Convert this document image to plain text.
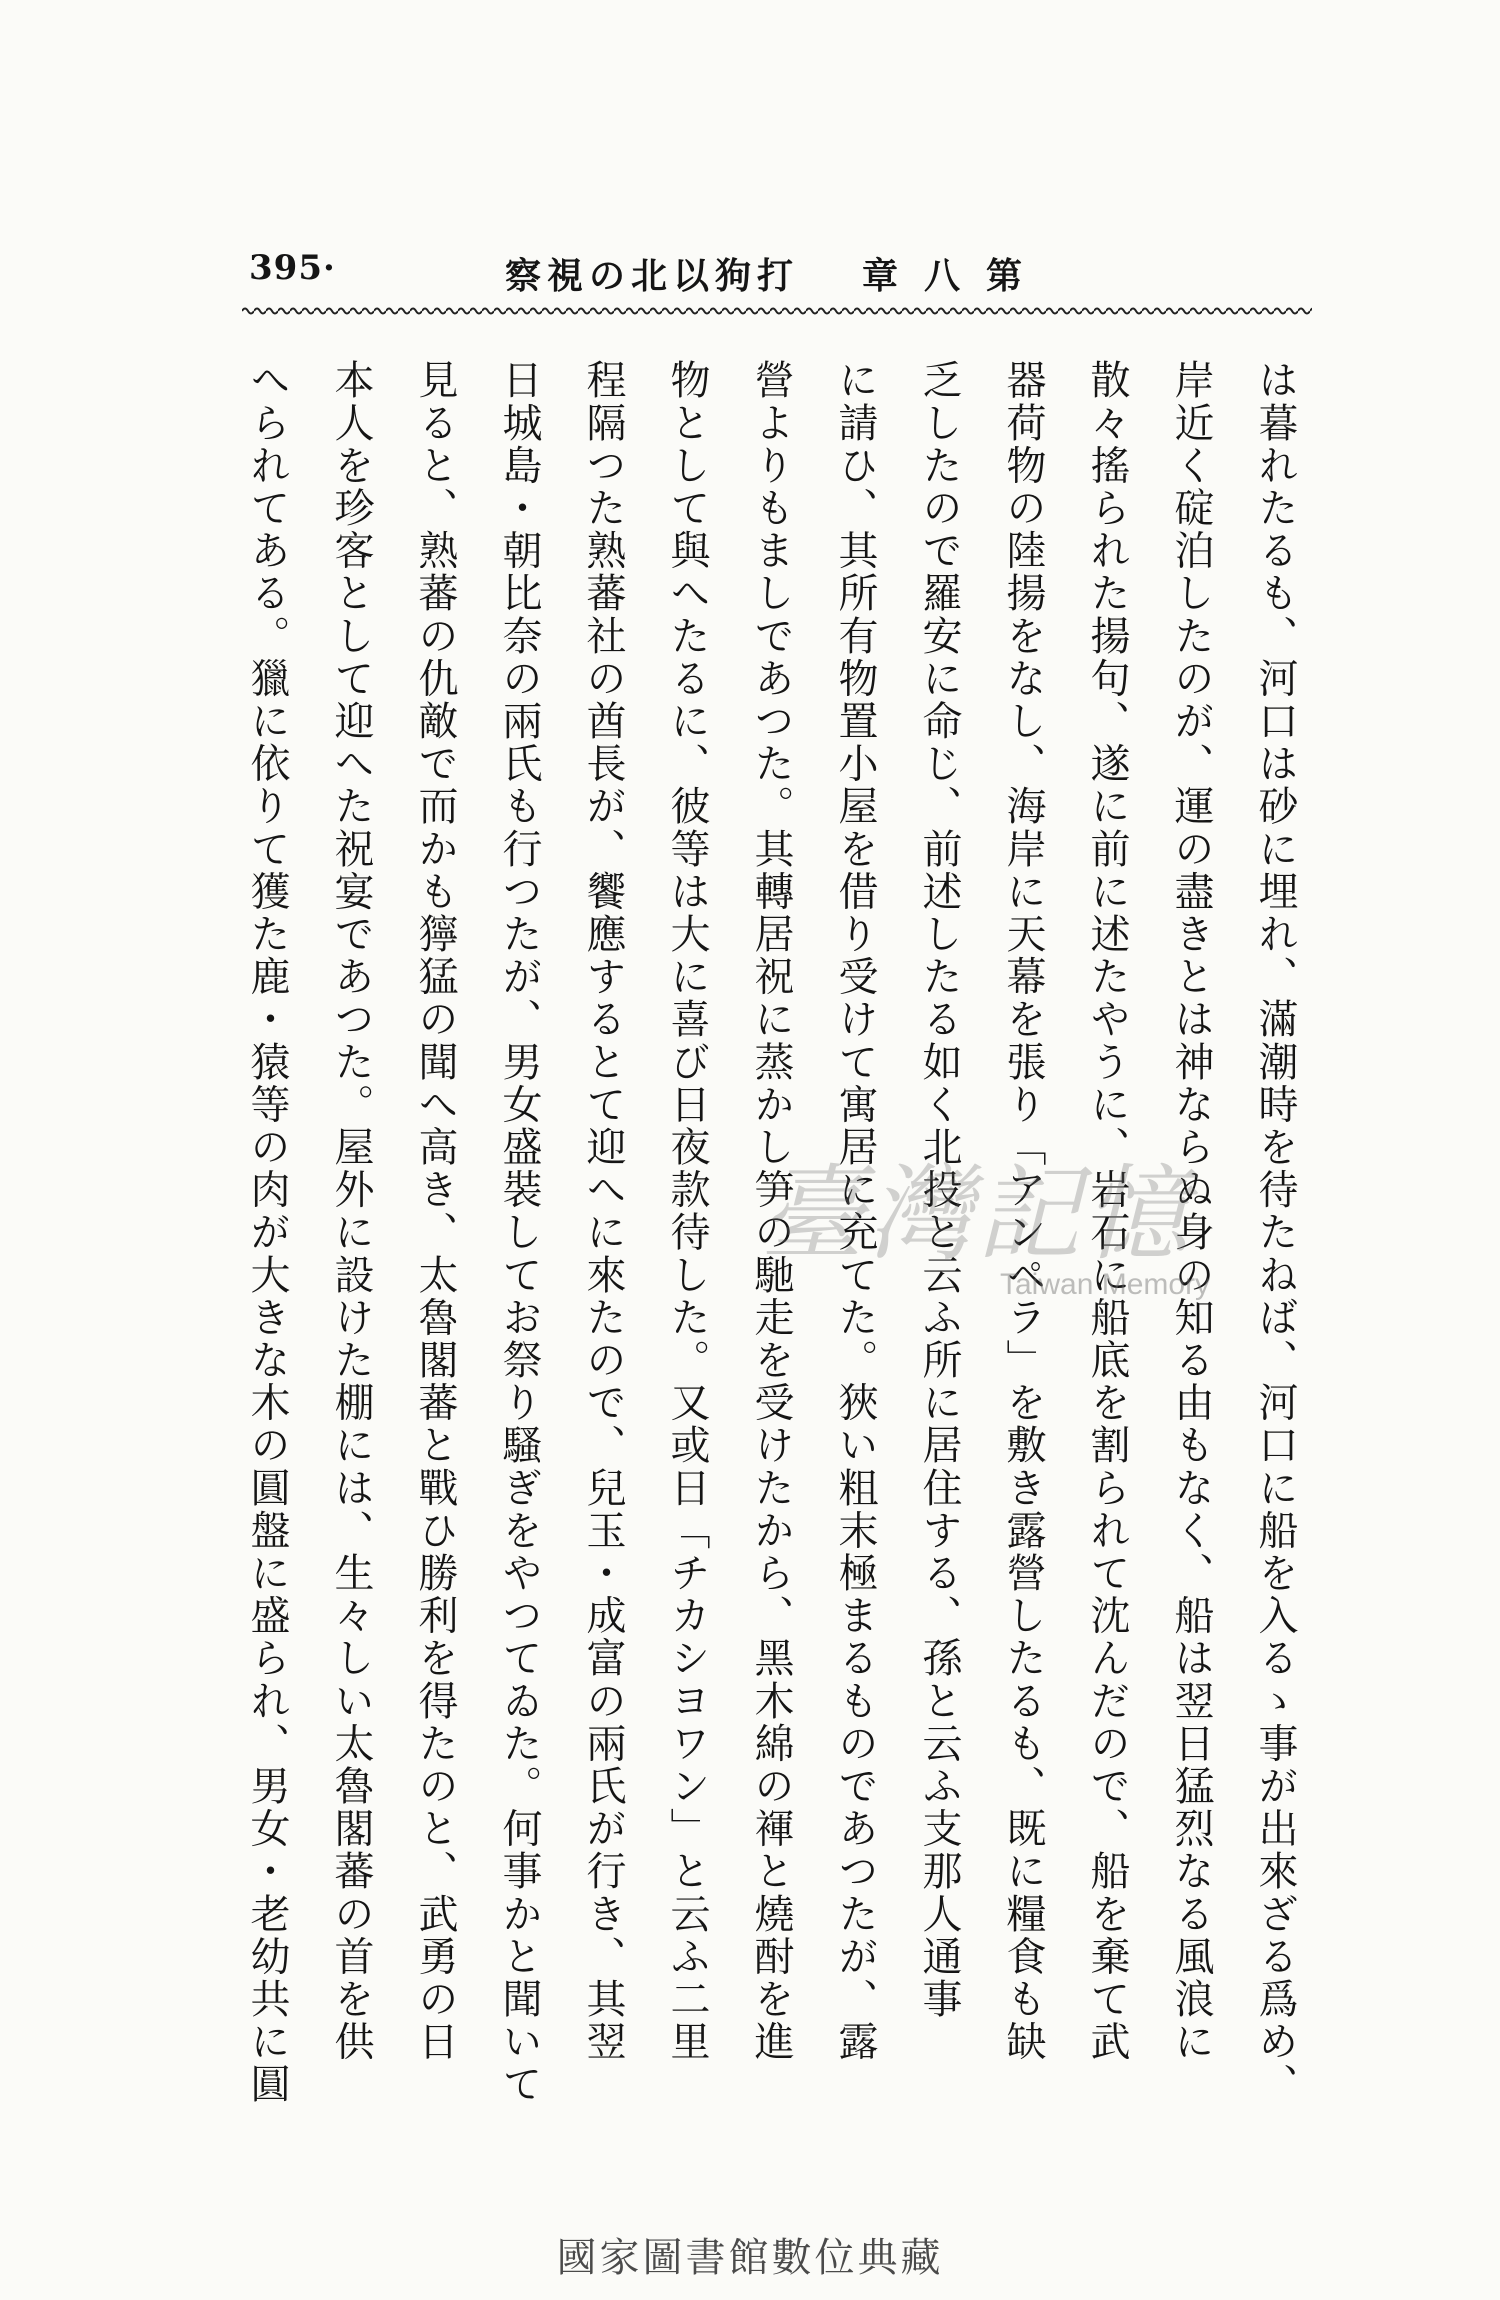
395·	打狗以北の視察 第八章
は暮れたるも、河口は砂に埋れ、滿潮時を待たねば、河口に船を入るゝ事が出來ざる爲め、
岸近く碇泊したのが、運の盡きとは神ならぬ身の知る由もなく、船は翌日猛烈なる風浪に
散々搖られた揚句、遂に前に述たやうに、岩石に船底を割られて沈んだので、船を棄て武
器荷物の陸揚をなし、海岸に天幕を張り「アンペラ」を敷き露營したるも、既に糧食も缺
乏したので羅安に命じ、前述したる如く北投と云ふ所に居住する、孫と云ふ支那人通事
に請ひ、其所有物置小屋を借り受けて寓居に充てた。狹い粗末極まるものであつたが、露
營よりもましであつた。其轉居祝に蒸かし笋の馳走を受けたから、黑木綿の褌と燒酎を進
物として與へたるに、彼等は大に喜び日夜款待した。又或日「チカシヨワン」と云ふ二里
程隔つた熟蕃社の酋長が、饗應するとて迎へに來たので、兒玉・成富の兩氏が行き、其翌
日城島・朝比奈の兩氏も行つたが、男女盛裝してお祭り騷ぎをやつてゐた。何事かと聞いて
見ると、熟蕃の仇敵で而かも獰猛の聞へ高き、太魯閣蕃と戰ひ勝利を得たのと、武勇の日
本人を珍客として迎へた祝宴であつた。屋外に設けた棚には、生々しい太魯閣蕃の首を供
へられてある。獵に依りて獲た鹿・猿等の肉が大きな木の圓盤に盛られ、男女・老幼共に圓	臺灣記憶
Taiwan Memory
國家圖書館數位典藏
